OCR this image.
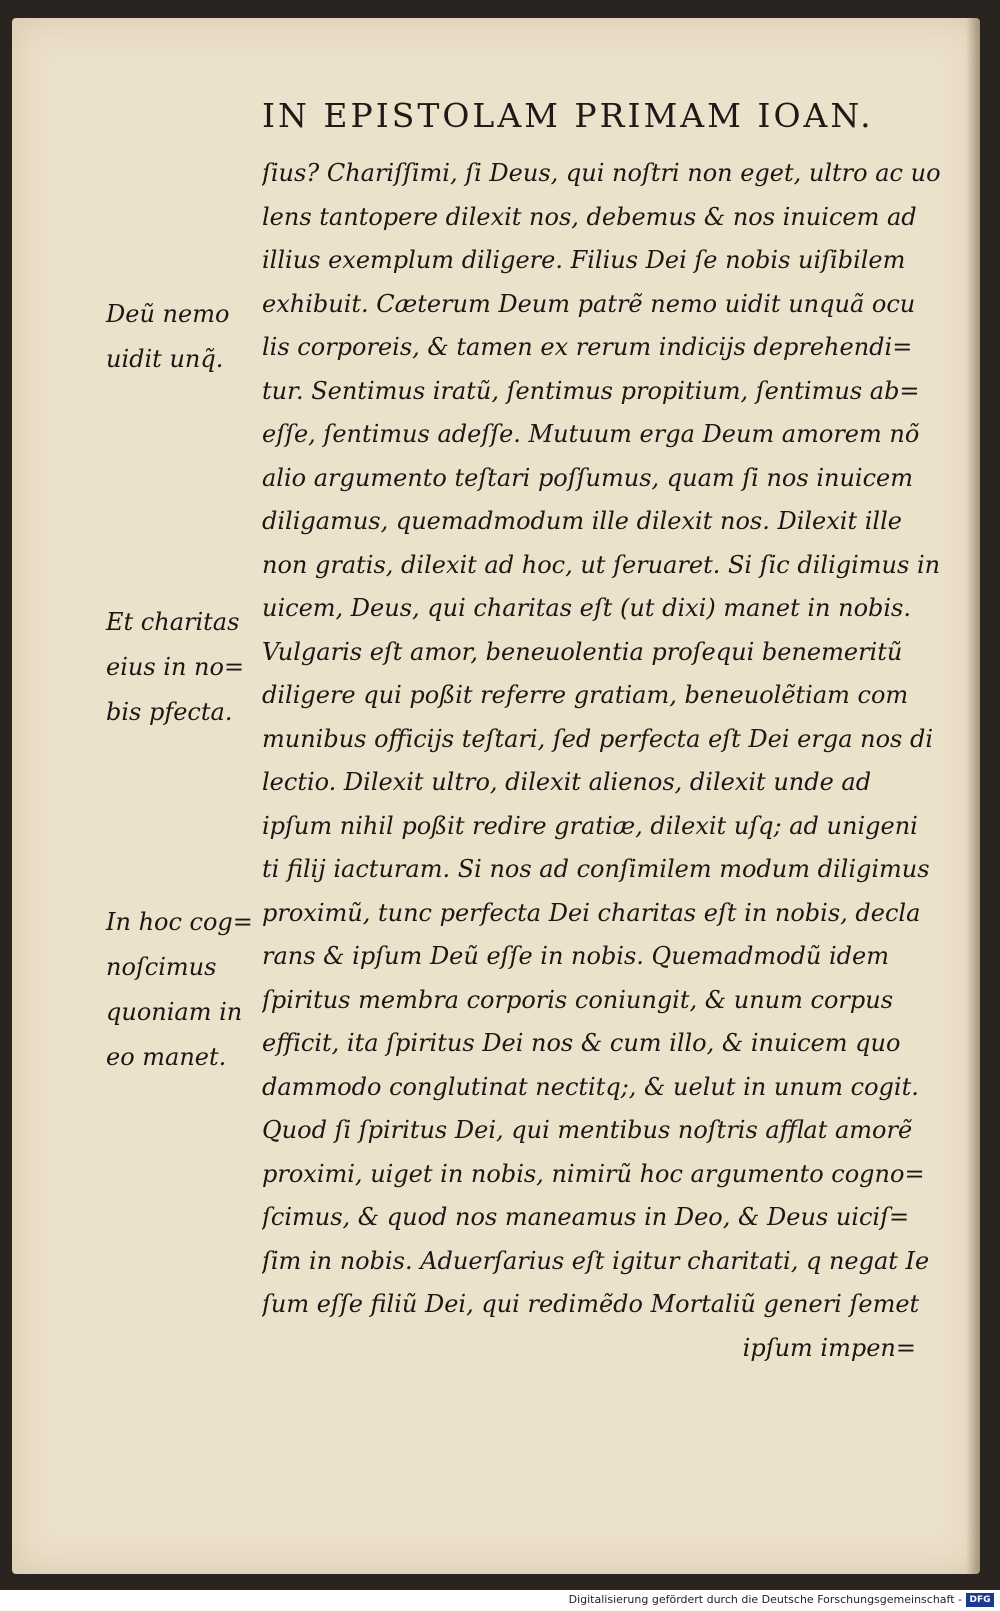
IN EPISTOLAM PRIMAM IOAN.
ſius? Chariſſimi, ſi Deus, qui noſtri non eget, ultro ac uo
lens tantopere dilexit nos, debemus & nos inuicem ad
illius exemplum diligere. Filius Dei ſe nobis uiſibilem
exhibuit. Cæterum Deum patrẽ nemo uidit unquã ocu
lis corporeis, & tamen ex rerum indicijs deprehendi=
tur. Sentimus iratũ, ſentimus propitium, ſentimus ab=
eſſe, ſentimus adeſſe. Mutuum erga Deum amorem nõ
alio argumento teſtari poſſumus, quam ſi nos inuicem
diligamus, quemadmodum ille dilexit nos. Dilexit ille
non gratis, dilexit ad hoc, ut ſeruaret. Si ſic diligimus in
uicem, Deus, qui charitas eſt (ut dixi) manet in nobis.
Vulgaris eſt amor, beneuolentia proſequi benemeritũ
diligere qui poßit referre gratiam, beneuolẽtiam com
munibus officijs teſtari, ſed perfecta eſt Dei erga nos di
lectio. Dilexit ultro, dilexit alienos, dilexit unde ad
ipſum nihil poßit redire gratiæ, dilexit uſq; ad unigeni
ti filij iacturam. Si nos ad conſimilem modum diligimus
proximũ, tunc perfecta Dei charitas eſt in nobis, decla
rans & ipſum Deũ eſſe in nobis. Quemadmodũ idem
ſpiritus membra corporis coniungit, & unum corpus
efficit, ita ſpiritus Dei nos & cum illo, & inuicem quo
dammodo conglutinat nectitq;, & uelut in unum cogit.
Quod ſi ſpiritus Dei, qui mentibus noſtris afflat amorẽ
proximi, uiget in nobis, nimirũ hoc argumento cogno=
ſcimus, & quod nos maneamus in Deo, & Deus uiciſ=
ſim in nobis. Aduerſarius eſt igitur charitati, q negat Ie
ſum eſſe filiũ Dei, qui redimẽdo Mortaliũ generi ſemet
ipſum impen=
Deũ nemo
uidit unq̃.
Et charitas
eius in no=
bis pfecta.
In hoc cog=
noſcimus
quoniam in
eo manet.
Digitalisierung gefördert durch die Deutsche Forschungsgemeinschaft - DFG
